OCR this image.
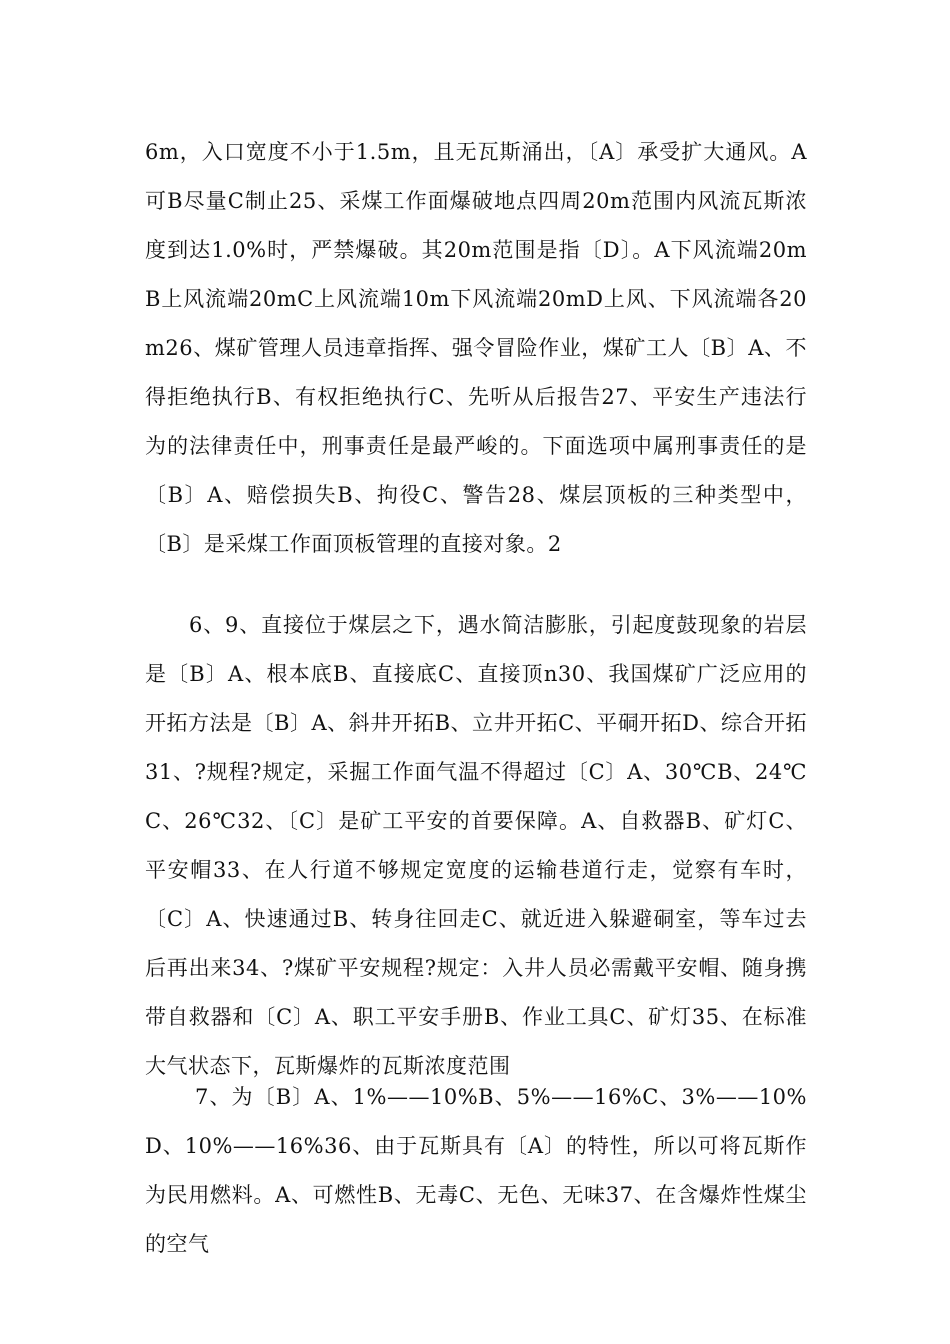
6m，入口宽度不小于1.5m，且无瓦斯涌出，〔A〕承受扩大通风。A可B尽量C制止25、采煤工作面爆破地点四周20m范围内风流瓦斯浓度到达1.0%时，严禁爆破。其20m范围是指〔D〕。A下风流端20mB上风流端20mC上风流端10m下风流端20mD上风、下风流端各20m26、煤矿管理人员违章指挥、强令冒险作业，煤矿工人〔B〕A、不得拒绝执行B、有权拒绝执行C、先听从后报告27、平安生产违法行为的法律责任中，刑事责任是最严峻的。下面选项中属刑事责任的是〔B〕A、赔偿损失B、拘役C、警告28、煤层顶板的三种类型中，〔B〕是采煤工作面顶板管理的直接对象。2

6、9、直接位于煤层之下，遇水简洁膨胀，引起度鼓现象的岩层是〔B〕A、根本底B、直接底C、直接顶n30、我国煤矿广泛应用的开拓方法是〔B〕A、斜井开拓B、立井开拓C、平硐开拓D、综合开拓31、?规程?规定，采掘工作面气温不得超过〔C〕A、30℃B、24℃C、26℃32、〔C〕是矿工平安的首要保障。A、自救器B、矿灯C、平安帽33、在人行道不够规定宽度的运输巷道行走，觉察有车时，〔C〕A、快速通过B、转身往回走C、就近进入躲避硐室，等车过去后再出来34、?煤矿平安规程?规定：入井人员必需戴平安帽、随身携带自救器和〔C〕A、职工平安手册B、作业工具C、矿灯35、在标准大气状态下，瓦斯爆炸的瓦斯浓度范围

7、为〔B〕A、1%——10%B、5%——16%C、3%——10%D、10%——16%36、由于瓦斯具有〔A〕的特性，所以可将瓦斯作为民用燃料。A、可燃性B、无毒C、无色、无味37、在含爆炸性煤尘的空气
